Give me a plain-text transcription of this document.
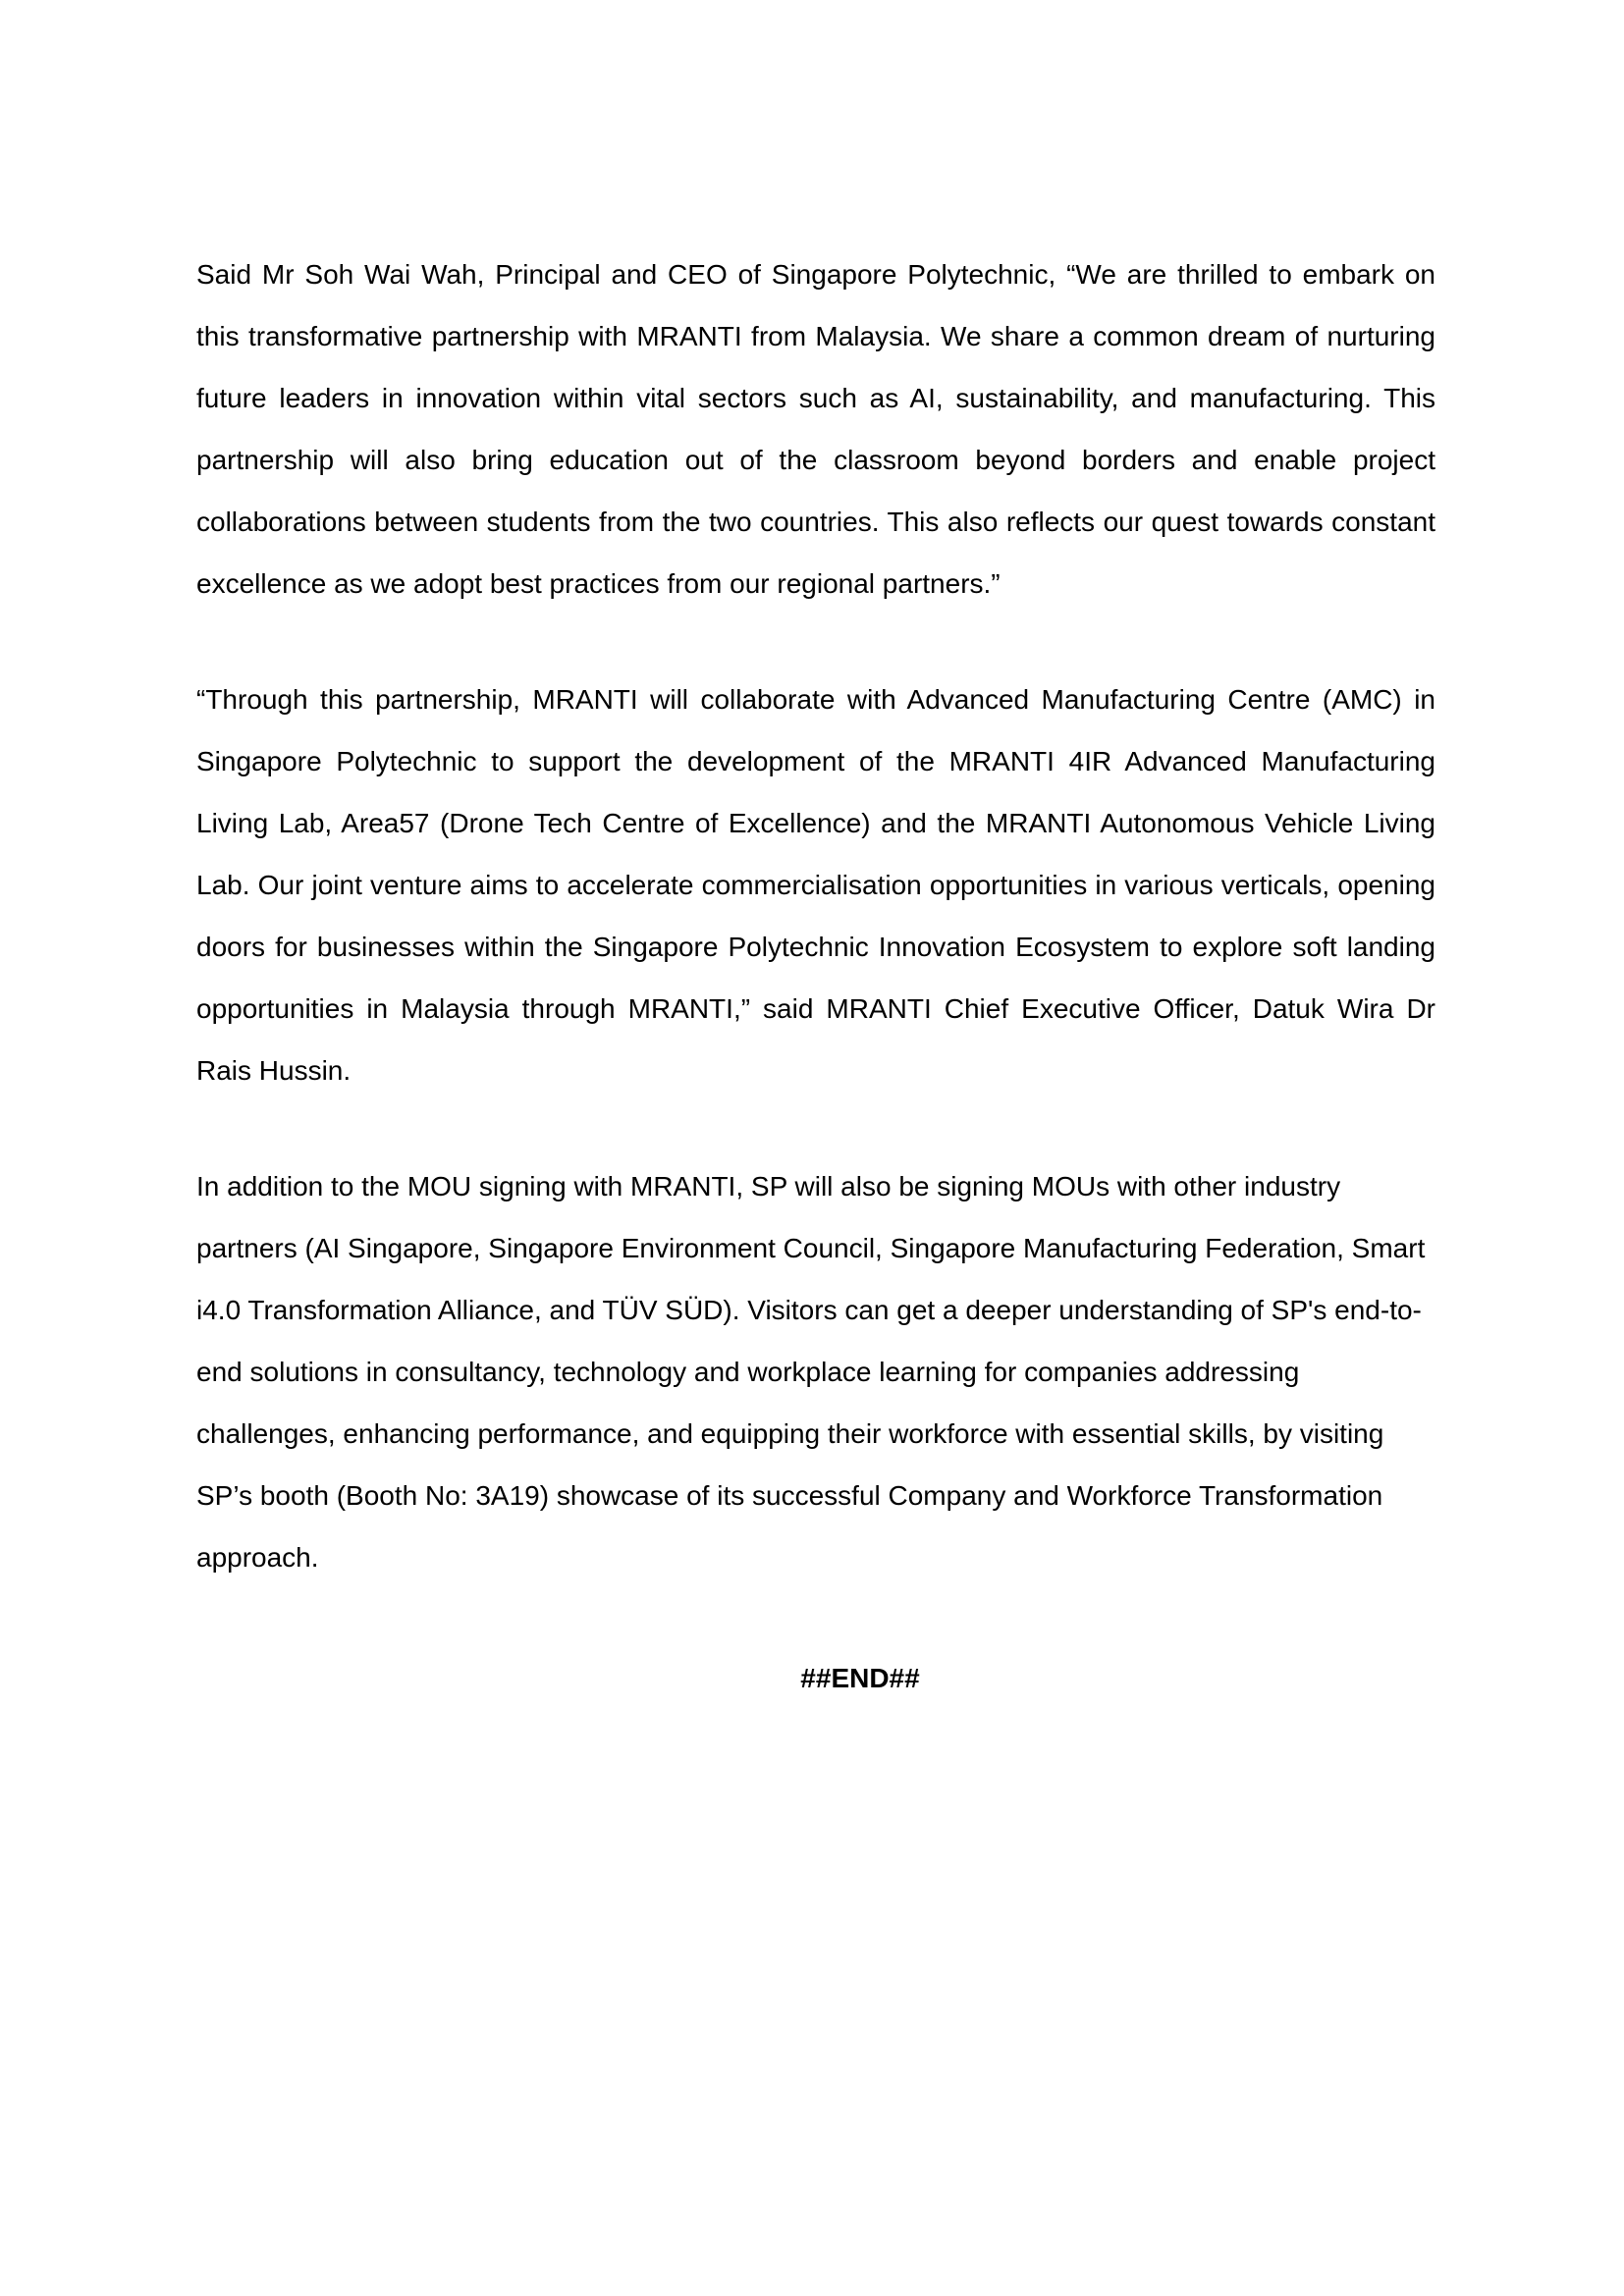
Said Mr Soh Wai Wah, Principal and CEO of Singapore Polytechnic, “We are thrilled to embark on this transformative partnership with MRANTI from Malaysia. We share a common dream of nurturing future leaders in innovation within vital sectors such as AI, sustainability, and manufacturing. This partnership will also bring education out of the classroom beyond borders and enable project collaborations between students from the two countries. This also reflects our quest towards constant excellence as we adopt best practices from our regional partners.”

“Through this partnership, MRANTI will collaborate with Advanced Manufacturing Centre (AMC) in Singapore Polytechnic to support the development of the MRANTI 4IR Advanced Manufacturing Living Lab, Area57 (Drone Tech Centre of Excellence) and the MRANTI Autonomous Vehicle Living Lab. Our joint venture aims to accelerate commercialisation opportunities in various verticals, opening doors for businesses within the Singapore Polytechnic Innovation Ecosystem to explore soft landing opportunities in Malaysia through MRANTI,” said MRANTI Chief Executive Officer, Datuk Wira Dr Rais Hussin.

In addition to the MOU signing with MRANTI, SP will also be signing MOUs with other industry partners (AI Singapore, Singapore Environment Council, Singapore Manufacturing Federation, Smart i4.0 Transformation Alliance, and TÜV SÜD). Visitors can get a deeper understanding of SP's end-to-end solutions in consultancy, technology and workplace learning for companies addressing challenges, enhancing performance, and equipping their workforce with essential skills, by visiting SP’s booth (Booth No: 3A19) showcase of its successful Company and Workforce Transformation approach.

##END##
